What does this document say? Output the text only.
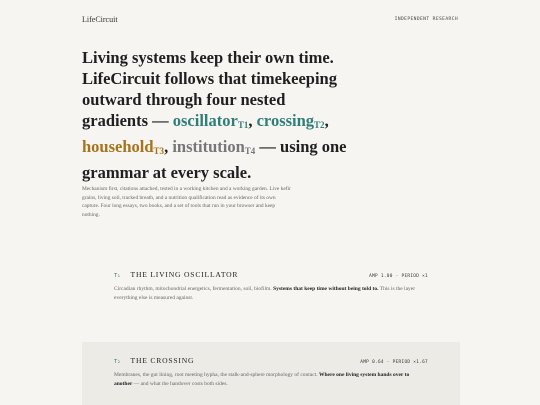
LifeCircuit	INDEPENDENT RESEARCH
Living systems keep their own time. LifeCircuit follows that timekeeping outward through four nested gradients — oscillator$_{T1}$, crossing$_{T2}$, household$_{T3}$, institution$_{T4}$ — using one grammar at every scale.

Mechanism first, citations attached, tested in a working kitchen and a working garden. Live kefir grains, living soil, tracked breath, and a nutrition qualification read as evidence of its own capture. Four long essays, two books, and a set of tools that run in your browser and keep nothing.

T₁ THE LIVING OSCILLATOR	AMP 1.00 · PERIOD ×1

Circadian rhythm, mitochondrial energetics, fermentation, soil, biofilm. Systems that keep time without being told to. This is the layer everything else is measured against.

T₂ THE CROSSING	AMP 0.64 · PERIOD ×1.67

Membranes, the gut lining, root meeting hypha, the stalk-and-sphere morphology of contact. Where one living system hands over to another — and what the handover costs both sides.
